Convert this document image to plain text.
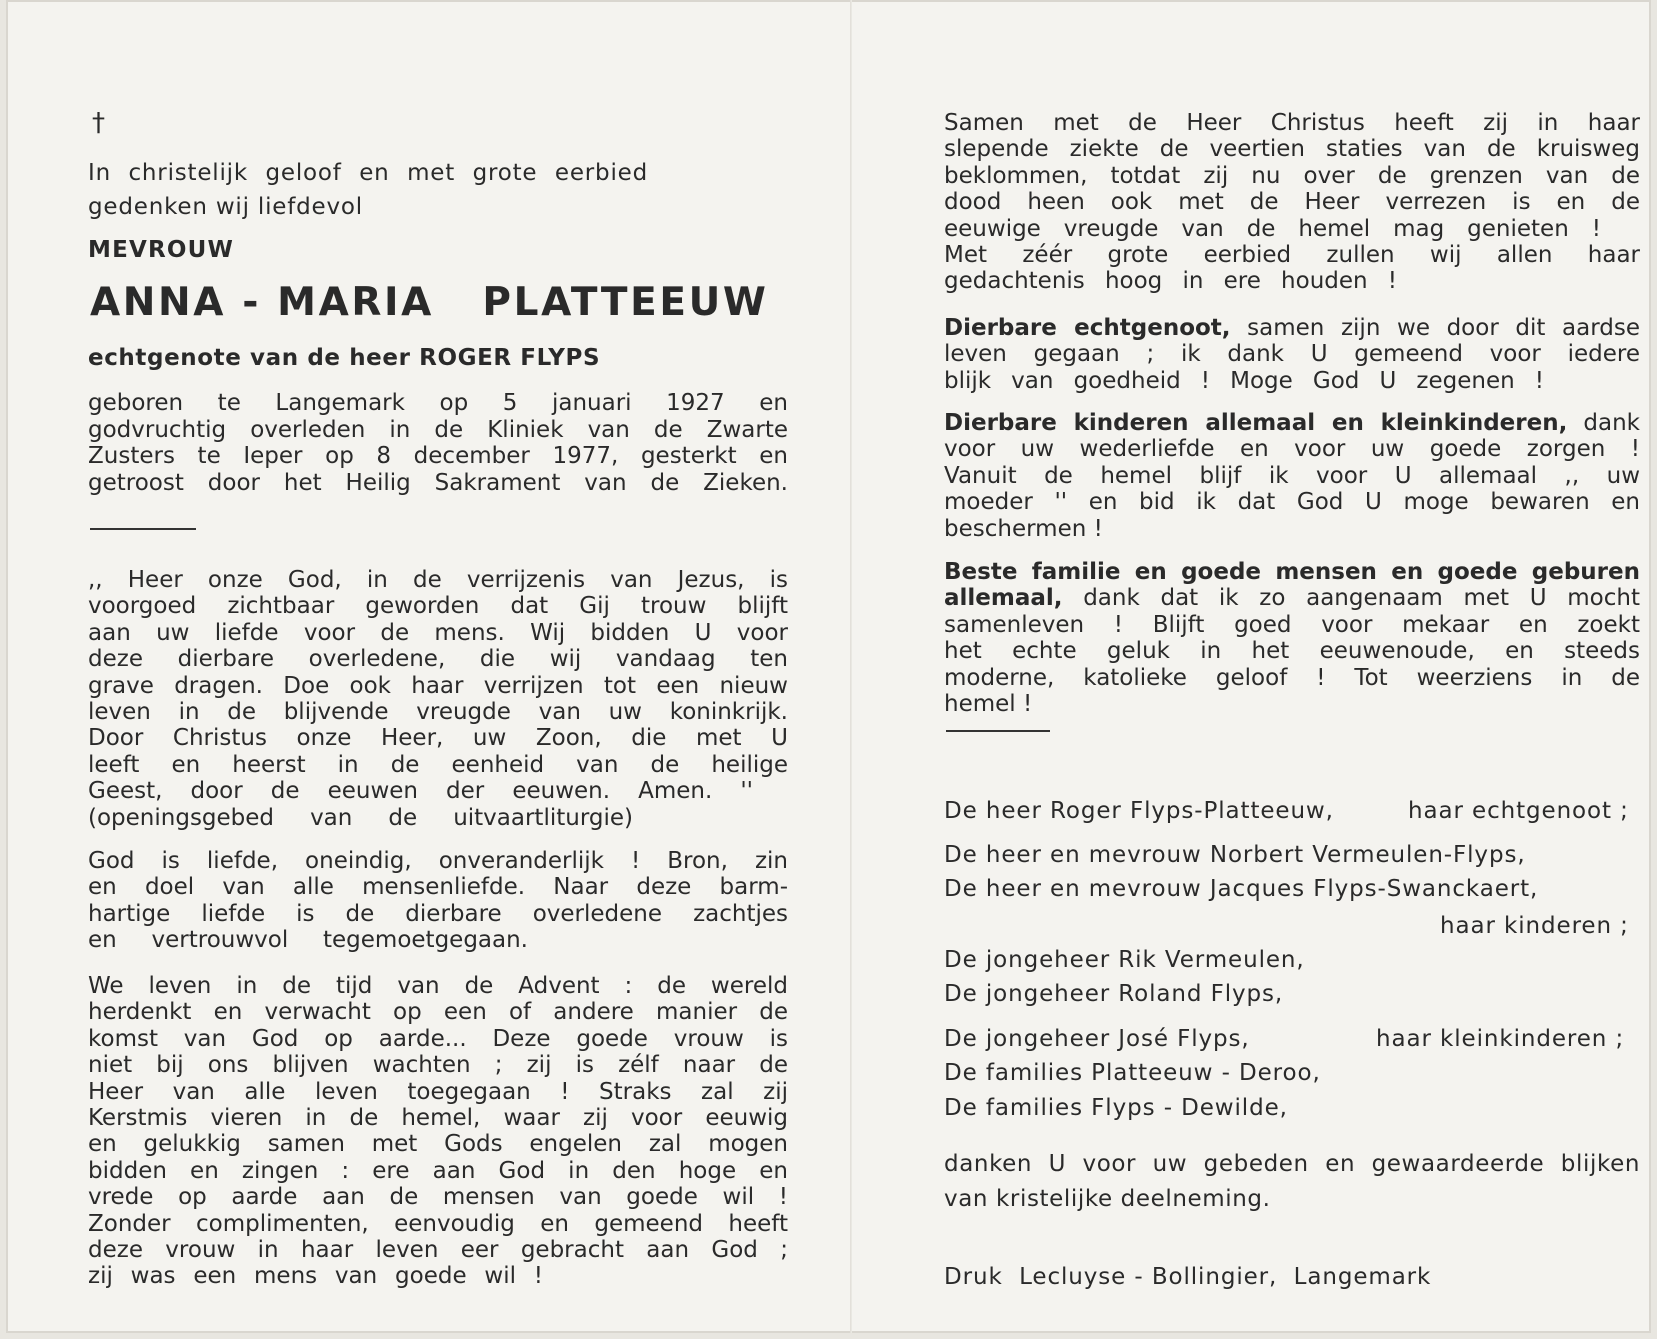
†
In christelijk geloof en met grote eerbied
gedenken wij liefdevol
MEVROUW
ANNA - MARIA   PLATTEEUW
echtgenote van de heer ROGER FLYPS
geboren te Langemark op 5 januari 1927 en
godvruchtig overleden in de Kliniek van de Zwarte
Zusters te Ieper op 8 december 1977, gesterkt en
getroost door het Heilig Sakrament van de Zieken.
,, Heer onze God, in de verrijzenis van Jezus, is
voorgoed zichtbaar geworden dat Gij trouw blijft
aan uw liefde voor de mens. Wij bidden U voor
deze dierbare overledene, die wij vandaag ten
grave dragen. Doe ook haar verrijzen tot een nieuw
leven in de blijvende vreugde van uw koninkrijk.
Door Christus onze Heer, uw Zoon, die met U
leeft en heerst in de eenheid van de heilige
Geest, door de eeuwen der eeuwen. Amen. ''
(openingsgebed van de uitvaartliturgie)
God is liefde, oneindig, onveranderlijk ! Bron, zin
en doel van alle mensenliefde. Naar deze barm-
hartige liefde is de dierbare overledene zachtjes
en vertrouwvol tegemoetgegaan.
We leven in de tijd van de Advent : de wereld
herdenkt en verwacht op een of andere manier de
komst van God op aarde... Deze goede vrouw is
niet bij ons blijven wachten ; zij is zélf naar de
Heer van alle leven toegegaan ! Straks zal zij
Kerstmis vieren in de hemel, waar zij voor eeuwig
en gelukkig samen met Gods engelen zal mogen
bidden en zingen : ere aan God in den hoge en
vrede op aarde aan de mensen van goede wil !
Zonder complimenten, eenvoudig en gemeend heeft
deze vrouw in haar leven eer gebracht aan God ;
zij was een mens van goede wil !
Samen met de Heer Christus heeft zij in haar
slepende ziekte de veertien staties van de kruisweg
beklommen, totdat zij nu over de grenzen van de
dood heen ook met de Heer verrezen is en de
eeuwige vreugde van de hemel mag genieten !
Met zéér grote eerbied zullen wij allen haar
gedachtenis hoog in ere houden !
Dierbare echtgenoot, samen zijn we door dit aardse
leven gegaan ; ik dank U gemeend voor iedere
blijk van goedheid ! Moge God U zegenen !
Dierbare kinderen allemaal en kleinkinderen, dank
voor uw wederliefde en voor uw goede zorgen !
Vanuit de hemel blijf ik voor U allemaal ,, uw
moeder '' en bid ik dat God U moge bewaren en
beschermen !
Beste familie en goede mensen en goede geburen
allemaal, dank dat ik zo aangenaam met U mocht
samenleven ! Blijft goed voor mekaar en zoekt
het echte geluk in het eeuwenoude, en steeds
moderne, katolieke geloof ! Tot weerziens in de
hemel !
De heer Roger Flyps-Platteeuw,	haar echtgenoot ;
De heer en mevrouw Norbert Vermeulen-Flyps,
De heer en mevrouw Jacques Flyps-Swanckaert,
haar kinderen ;
De jongeheer Rik Vermeulen,
De jongeheer Roland Flyps,
De jongeheer José Flyps,	haar kleinkinderen ;
De families Platteeuw - Deroo,
De families Flyps - Dewilde,
danken U voor uw gebeden en gewaardeerde blijken
van kristelijke deelneming.
Druk  Lecluyse - Bollingier,  Langemark
